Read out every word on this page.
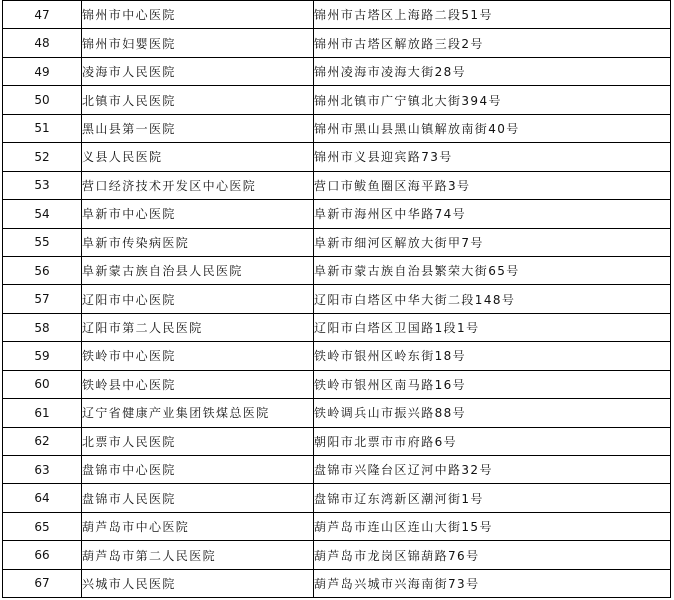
47	锦州市中心医院	锦州市古塔区上海路二段51号
48	锦州市妇婴医院	锦州市古塔区解放路三段2号
49	凌海市人民医院	锦州凌海市凌海大街28号
50	北镇市人民医院	锦州北镇市广宁镇北大街394号
51	黑山县第一医院	锦州市黑山县黑山镇解放南街40号
52	义县人民医院	锦州市义县迎宾路73号
53	营口经济技术开发区中心医院	营口市鲅鱼圈区海平路3号
54	阜新市中心医院	阜新市海州区中华路74号
55	阜新市传染病医院	阜新市细河区解放大街甲7号
56	阜新蒙古族自治县人民医院	阜新市蒙古族自治县繁荣大街65号
57	辽阳市中心医院	辽阳市白塔区中华大街二段148号
58	辽阳市第二人民医院	辽阳市白塔区卫国路1段1号
59	铁岭市中心医院	铁岭市银州区岭东街18号
60	铁岭县中心医院	铁岭市银州区南马路16号
61	辽宁省健康产业集团铁煤总医院	铁岭调兵山市振兴路88号
62	北票市人民医院	朝阳市北票市市府路6号
63	盘锦市中心医院	盘锦市兴隆台区辽河中路32号
64	盘锦市人民医院	盘锦市辽东湾新区潮河街1号
65	葫芦岛市中心医院	葫芦岛市连山区连山大街15号
66	葫芦岛市第二人民医院	葫芦岛市龙岗区锦葫路76号
67	兴城市人民医院	葫芦岛兴城市兴海南街73号
